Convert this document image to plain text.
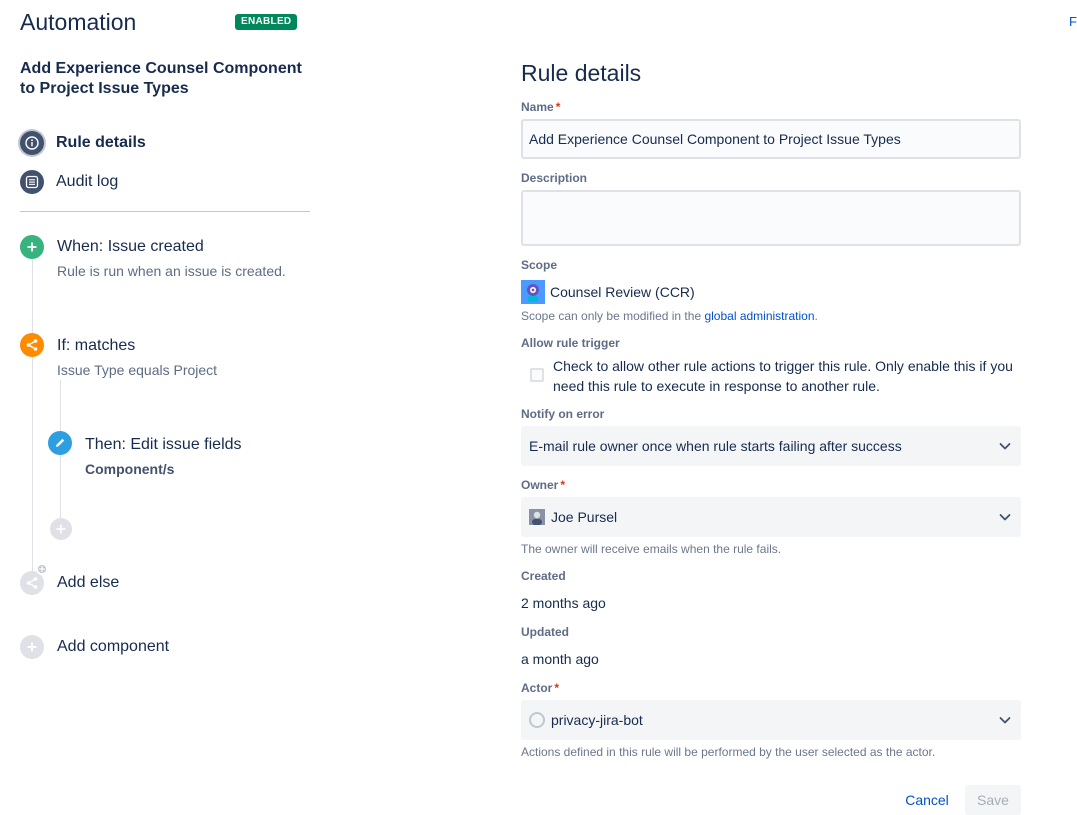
Automation	ENABLED	F
Add Experience Counsel Component to Project Issue Types
Rule details
Audit log
When: Issue created
Rule is run when an issue is created.
If: matches
Issue Type equals Project
Then: Edit issue fields
Component/s
Add else
Add component
Rule details
Name *
Add Experience Counsel Component to Project Issue Types
Description
Scope
Counsel Review (CCR)
Scope can only be modified in the global administration.
Allow rule trigger
Check to allow other rule actions to trigger this rule. Only enable this if you need this rule to execute in response to another rule.
Notify on error
E-mail rule owner once when rule starts failing after success
Owner *
Joe Pursel
The owner will receive emails when the rule fails.
Created
2 months ago
Updated
a month ago
Actor *
privacy-jira-bot
Actions defined in this rule will be performed by the user selected as the actor.
Cancel	Save
